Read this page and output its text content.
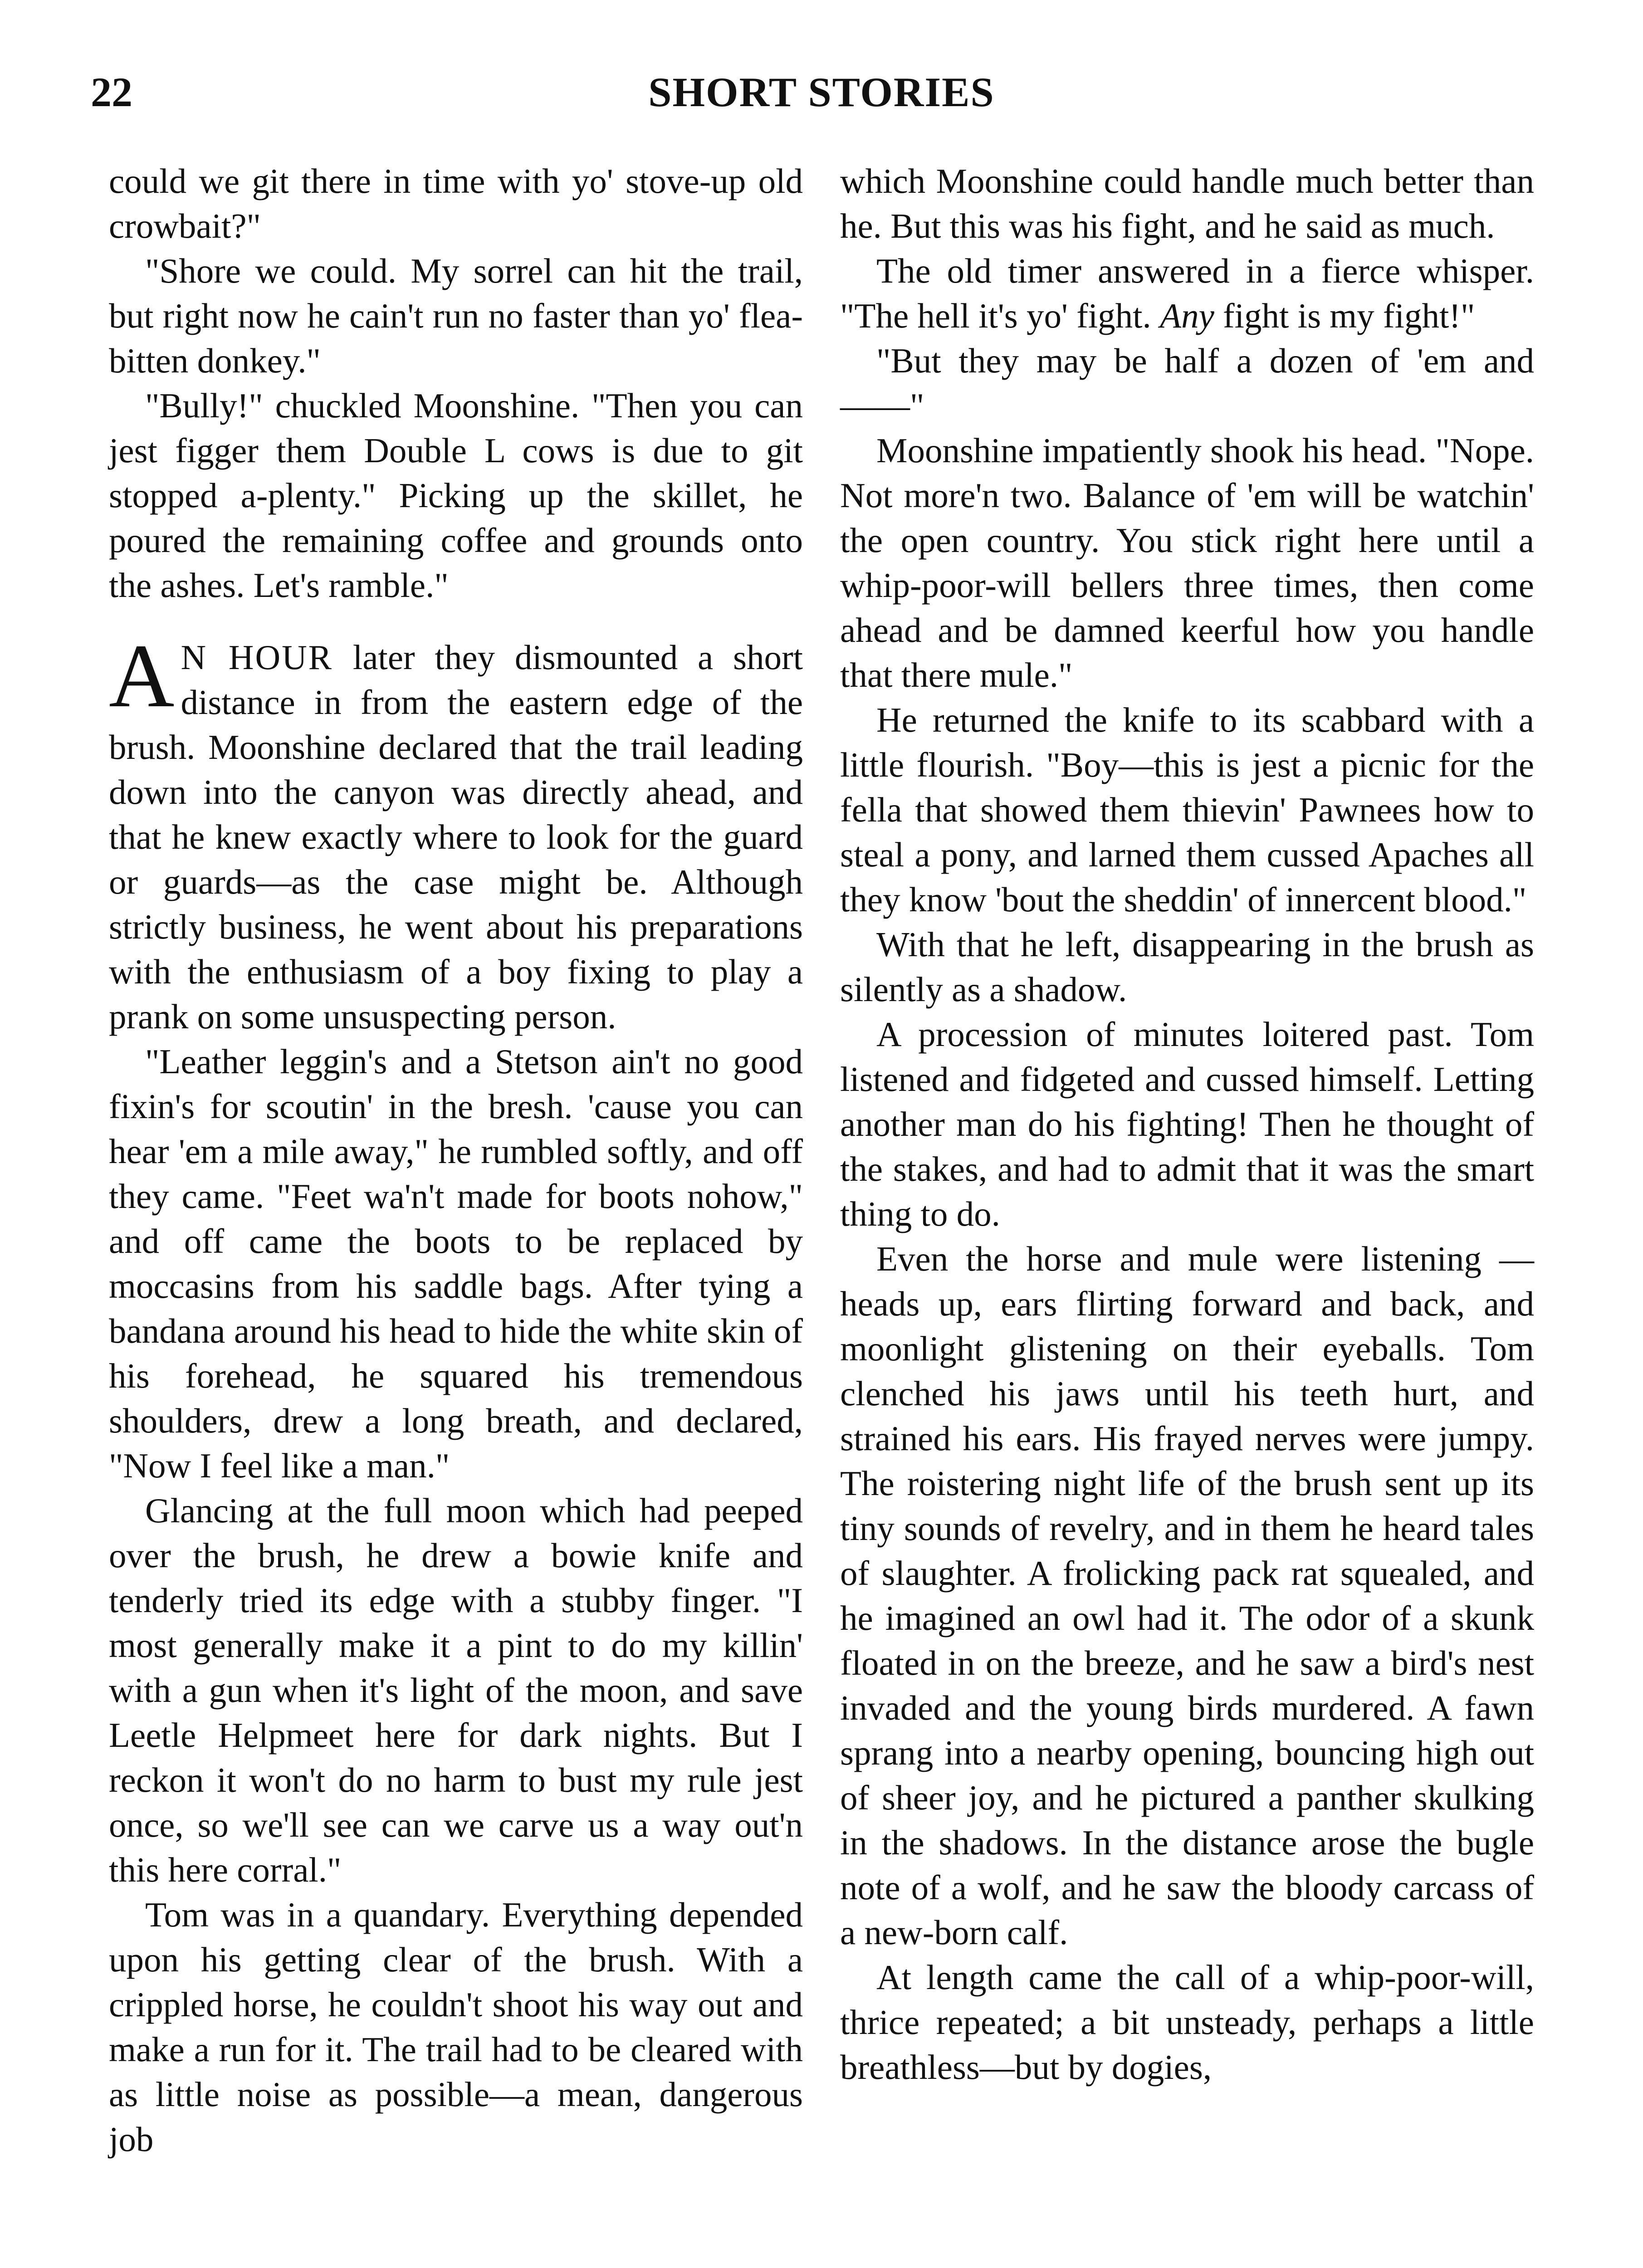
22	SHORT STORIES

could we git there in time with yo' stove-up old crowbait?"

"Shore we could. My sorrel can hit the trail, but right now he cain't run no faster than yo' flea-bitten donkey."

"Bully!" chuckled Moonshine. "Then you can jest figger them Double L cows is due to git stopped a-plenty." Picking up the skillet, he poured the remaining coffee and grounds onto the ashes. Let's ramble."

A N HOUR later they dismounted a short distance in from the eastern edge of the brush. Moonshine declared that the trail leading down into the canyon was directly ahead, and that he knew exactly where to look for the guard or guards—as the case might be. Although strictly business, he went about his preparations with the enthusiasm of a boy fixing to play a prank on some unsuspecting person.

"Leather leggin's and a Stetson ain't no good fixin's for scoutin' in the bresh. 'cause you can hear 'em a mile away," he rumbled softly, and off they came. "Feet wa'n't made for boots nohow," and off came the boots to be replaced by moccasins from his saddle bags. After tying a bandana around his head to hide the white skin of his forehead, he squared his tremendous shoulders, drew a long breath, and declared, "Now I feel like a man."

Glancing at the full moon which had peeped over the brush, he drew a bowie knife and tenderly tried its edge with a stubby finger. "I most generally make it a pint to do my killin' with a gun when it's light of the moon, and save Leetle Helpmeet here for dark nights. But I reckon it won't do no harm to bust my rule jest once, so we'll see can we carve us a way out'n this here corral."

Tom was in a quandary. Everything depended upon his getting clear of the brush. With a crippled horse, he couldn't shoot his way out and make a run for it. The trail had to be cleared with as little noise as possible—a mean, dangerous job

which Moonshine could handle much better than he. But this was his fight, and he said as much.

The old timer answered in a fierce whisper. "The hell it's yo' fight. Any fight is my fight!"

"But they may be half a dozen of 'em and——"

Moonshine impatiently shook his head. "Nope. Not more'n two. Balance of 'em will be watchin' the open country. You stick right here until a whip-poor-will bellers three times, then come ahead and be damned keerful how you handle that there mule."

He returned the knife to its scabbard with a little flourish. "Boy—this is jest a picnic for the fella that showed them thievin' Pawnees how to steal a pony, and larned them cussed Apaches all they know 'bout the sheddin' of innercent blood."

With that he left, disappearing in the brush as silently as a shadow.

A procession of minutes loitered past. Tom listened and fidgeted and cussed himself. Letting another man do his fighting! Then he thought of the stakes, and had to admit that it was the smart thing to do.

Even the horse and mule were listening —heads up, ears flirting forward and back, and moonlight glistening on their eyeballs. Tom clenched his jaws until his teeth hurt, and strained his ears. His frayed nerves were jumpy. The roistering night life of the brush sent up its tiny sounds of revelry, and in them he heard tales of slaughter. A frolicking pack rat squealed, and he imagined an owl had it. The odor of a skunk floated in on the breeze, and he saw a bird's nest invaded and the young birds murdered. A fawn sprang into a nearby opening, bouncing high out of sheer joy, and he pictured a panther skulking in the shadows. In the distance arose the bugle note of a wolf, and he saw the bloody carcass of a new-born calf.

At length came the call of a whip-poor-will, thrice repeated; a bit unsteady, perhaps a little breathless—but by dogies,
